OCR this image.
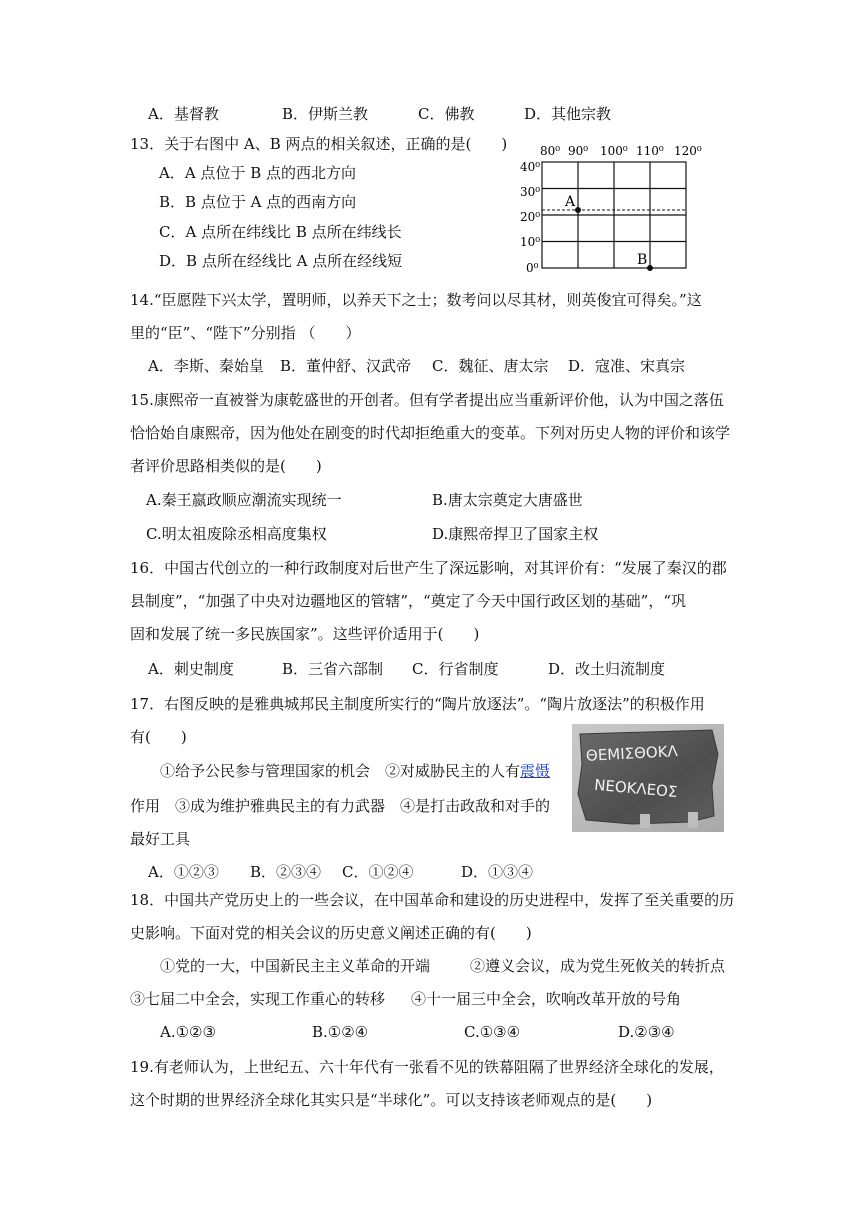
A．基督教	B．伊斯兰教	C．佛教	D．其他宗教
13．关于右图中 A、B 两点的相关叙述，正确的是(　　)
A．A 点位于 B 点的西北方向
B．B 点位于 A 点的西南方向
C．A 点所在纬线比 B 点所在纬线长
D．B 点所在经线比 A 点所在经线短
80⁰ 90⁰ 100⁰ 110⁰ 120⁰
40⁰
30⁰
20⁰
10⁰
0⁰
A
B
14.“臣愿陛下兴太学，置明师，以养天下之士；数考问以尽其材，则英俊宜可得矣。”这
里的“臣”、“陛下”分别指 （　　）
A．李斯、秦始皇 B．董仲舒、汉武帝 C．魏征、唐太宗 D．寇准、宋真宗
15.康熙帝一直被誉为康乾盛世的开创者。但有学者提出应当重新评价他，认为中国之落伍
恰恰始自康熙帝，因为他处在剧变的时代却拒绝重大的变革。下列对历史人物的评价和该学
者评价思路相类似的是(　　)
A.秦王嬴政顺应潮流实现统一	B.唐太宗奠定大唐盛世
C.明太祖废除丞相高度集权	D.康熙帝捍卫了国家主权
16．中国古代创立的一种行政制度对后世产生了深远影响，对其评价有：“发展了秦汉的郡
县制度”，“加强了中央对边疆地区的管辖”，“奠定了今天中国行政区划的基础”，“巩
固和发展了统一多民族国家”。这些评价适用于(　　)
A．刺史制度	B．三省六部制 C．行省制度	D．改土归流制度
17．右图反映的是雅典城邦民主制度所实行的“陶片放逐法”。“陶片放逐法”的积极作用
有(　　)
①给予公民参与管理国家的机会　②对威胁民主的人有震慑
作用　③成为维护雅典民主的有力武器　④是打击政敌和对手的
最好工具
A．①②③ B．②③④ C．①②④	D．①③④
ΘΕΜΙΣΘΟΚΛ
ΝΕΟΚΛΕΟΣ
18．中国共产党历史上的一些会议，在中国革命和建设的历史进程中，发挥了至关重要的历
史影响。下面对党的相关会议的历史意义阐述正确的有(　　)
①党的一大，中国新民主主义革命的开端	②遵义会议，成为党生死攸关的转折点
③七届二中全会，实现工作重心的转移 ④十一届三中全会，吹响改革开放的号角
A.①②③	B.①②④	C.①③④	D.②③④
19.有老师认为，上世纪五、六十年代有一张看不见的铁幕阻隔了世界经济全球化的发展，
这个时期的世界经济全球化其实只是“半球化”。可以支持该老师观点的是(　　)
